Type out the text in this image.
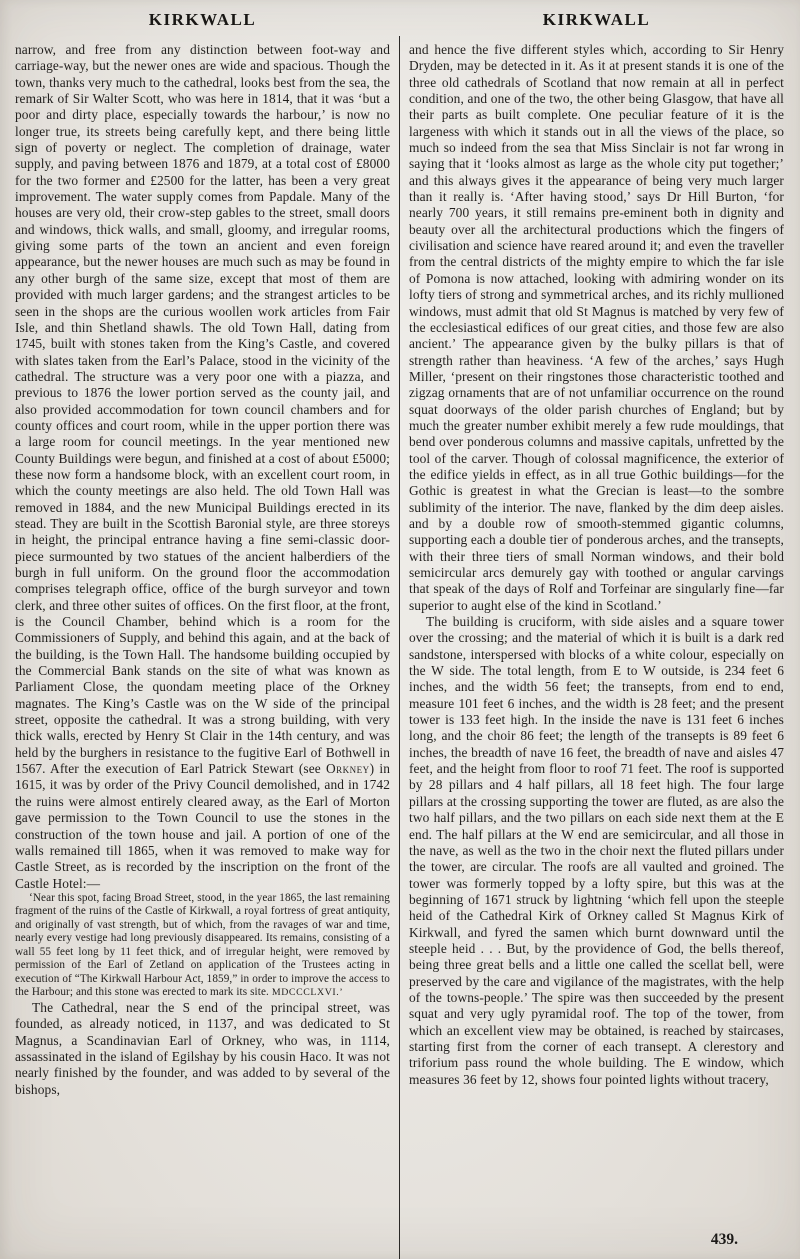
KIRKWALL

narrow, and free from any distinction between foot-way and carriage-way, but the newer ones are wide and spacious. Though the town, thanks very much to the cathedral, looks best from the sea, the remark of Sir Walter Scott, who was here in 1814, that it was ‘but a poor and dirty place, especially towards the harbour,’ is now no longer true, its streets being carefully kept, and there being little sign of poverty or neglect. The completion of drainage, water supply, and paving between 1876 and 1879, at a total cost of £8000 for the two former and £2500 for the latter, has been a very great improvement. The water supply comes from Papdale. Many of the houses are very old, their crow-step gables to the street, small doors and windows, thick walls, and small, gloomy, and irregular rooms, giving some parts of the town an ancient and even foreign appearance, but the newer houses are much such as may be found in any other burgh of the same size, except that most of them are provided with much larger gardens; and the strangest articles to be seen in the shops are the curious woollen work articles from Fair Isle, and thin Shetland shawls. The old Town Hall, dating from 1745, built with stones taken from the King’s Castle, and covered with slates taken from the Earl’s Palace, stood in the vicinity of the cathedral. The structure was a very poor one with a piazza, and previous to 1876 the lower portion served as the county jail, and also provided accommodation for town council chambers and for county offices and court room, while in the upper portion there was a large room for council meetings. In the year mentioned new County Buildings were begun, and finished at a cost of about £5000; these now form a handsome block, with an excellent court room, in which the county meetings are also held. The old Town Hall was removed in 1884, and the new Municipal Buildings erected in its stead. They are built in the Scottish Baronial style, are three storeys in height, the principal entrance having a fine semi-classic door-piece surmounted by two statues of the ancient halberdiers of the burgh in full uniform. On the ground floor the accommodation comprises telegraph office, office of the burgh surveyor and town clerk, and three other suites of offices. On the first floor, at the front, is the Council Chamber, behind which is a room for the Commissioners of Supply, and behind this again, and at the back of the building, is the Town Hall. The handsome building occupied by the Commercial Bank stands on the site of what was known as Parliament Close, the quondam meeting place of the Orkney magnates. The King’s Castle was on the W side of the principal street, opposite the cathedral. It was a strong building, with very thick walls, erected by Henry St Clair in the 14th century, and was held by the burghers in resistance to the fugitive Earl of Bothwell in 1567. After the execution of Earl Patrick Stewart (see Orkney) in 1615, it was by order of the Privy Council demolished, and in 1742 the ruins were almost entirely cleared away, as the Earl of Morton gave permission to the Town Council to use the stones in the construction of the town house and jail. A portion of one of the walls remained till 1865, when it was removed to make way for Castle Street, as is recorded by the inscription on the front of the Castle Hotel:—

‘Near this spot, facing Broad Street, stood, in the year 1865, the last remaining fragment of the ruins of the Castle of Kirkwall, a royal fortress of great antiquity, and originally of vast strength, but of which, from the ravages of war and time, nearly every vestige had long previously disappeared. Its remains, consisting of a wall 55 feet long by 11 feet thick, and of irregular height, were removed by permission of the Earl of Zetland on application of the Trustees acting in execution of “The Kirkwall Harbour Act, 1859,” in order to improve the access to the Harbour; and this stone was erected to mark its site. MDCCCLXVI.’

The Cathedral, near the S end of the principal street, was founded, as already noticed, in 1137, and was dedicated to St Magnus, a Scandinavian Earl of Orkney, who was, in 1114, assassinated in the island of Egilshay by his cousin Haco. It was not nearly finished by the founder, and was added to by several of the bishops,

KIRKWALL

and hence the five different styles which, according to Sir Henry Dryden, may be detected in it. As it at present stands it is one of the three old cathedrals of Scotland that now remain at all in perfect condition, and one of the two, the other being Glasgow, that have all their parts as built complete. One peculiar feature of it is the largeness with which it stands out in all the views of the place, so much so indeed from the sea that Miss Sinclair is not far wrong in saying that it ‘looks almost as large as the whole city put together;’ and this always gives it the appearance of being very much larger than it really is. ‘After having stood,’ says Dr Hill Burton, ‘for nearly 700 years, it still remains pre-eminent both in dignity and beauty over all the architectural productions which the fingers of civilisation and science have reared around it; and even the traveller from the central districts of the mighty empire to which the far isle of Pomona is now attached, looking with admiring wonder on its lofty tiers of strong and symmetrical arches, and its richly mullioned windows, must admit that old St Magnus is matched by very few of the ecclesiastical edifices of our great cities, and those few are also ancient.’ The appearance given by the bulky pillars is that of strength rather than heaviness. ‘A few of the arches,’ says Hugh Miller, ‘present on their ringstones those characteristic toothed and zigzag ornaments that are of not unfamiliar occurrence on the round squat doorways of the older parish churches of England; but by much the greater number exhibit merely a few rude mouldings, that bend over ponderous columns and massive capitals, unfretted by the tool of the carver. Though of colossal magnificence, the exterior of the edifice yields in effect, as in all true Gothic buildings—for the Gothic is greatest in what the Grecian is least—to the sombre sublimity of the interior. The nave, flanked by the dim deep aisles. and by a double row of smooth-stemmed gigantic columns, supporting each a double tier of ponderous arches, and the transepts, with their three tiers of small Norman windows, and their bold semicircular arcs demurely gay with toothed or angular carvings that speak of the days of Rolf and Torfeinar are singularly fine—far superior to aught else of the kind in Scotland.’

The building is cruciform, with side aisles and a square tower over the crossing; and the material of which it is built is a dark red sandstone, interspersed with blocks of a white colour, especially on the W side. The total length, from E to W outside, is 234 feet 6 inches, and the width 56 feet; the transepts, from end to end, measure 101 feet 6 inches, and the width is 28 feet; and the present tower is 133 feet high. In the inside the nave is 131 feet 6 inches long, and the choir 86 feet; the length of the transepts is 89 feet 6 inches, the breadth of nave 16 feet, the breadth of nave and aisles 47 feet, and the height from floor to roof 71 feet. The roof is supported by 28 pillars and 4 half pillars, all 18 feet high. The four large pillars at the crossing supporting the tower are fluted, as are also the two half pillars, and the two pillars on each side next them at the E end. The half pillars at the W end are semicircular, and all those in the nave, as well as the two in the choir next the fluted pillars under the tower, are circular. The roofs are all vaulted and groined. The tower was formerly topped by a lofty spire, but this was at the beginning of 1671 struck by lightning ‘which fell upon the steeple heid of the Cathedral Kirk of Orkney called St Magnus Kirk of Kirkwall, and fyred the samen which burnt downward until the steeple heid . . . But, by the providence of God, the bells thereof, being three great bells and a little one called the scellat bell, were preserved by the care and vigilance of the magistrates, with the help of the towns-people.’ The spire was then succeeded by the present squat and very ugly pyramidal roof. The top of the tower, from which an excellent view may be obtained, is reached by staircases, starting first from the corner of each transept. A clerestory and triforium pass round the whole building. The E window, which measures 36 feet by 12, shows four pointed lights without tracery,

439.
